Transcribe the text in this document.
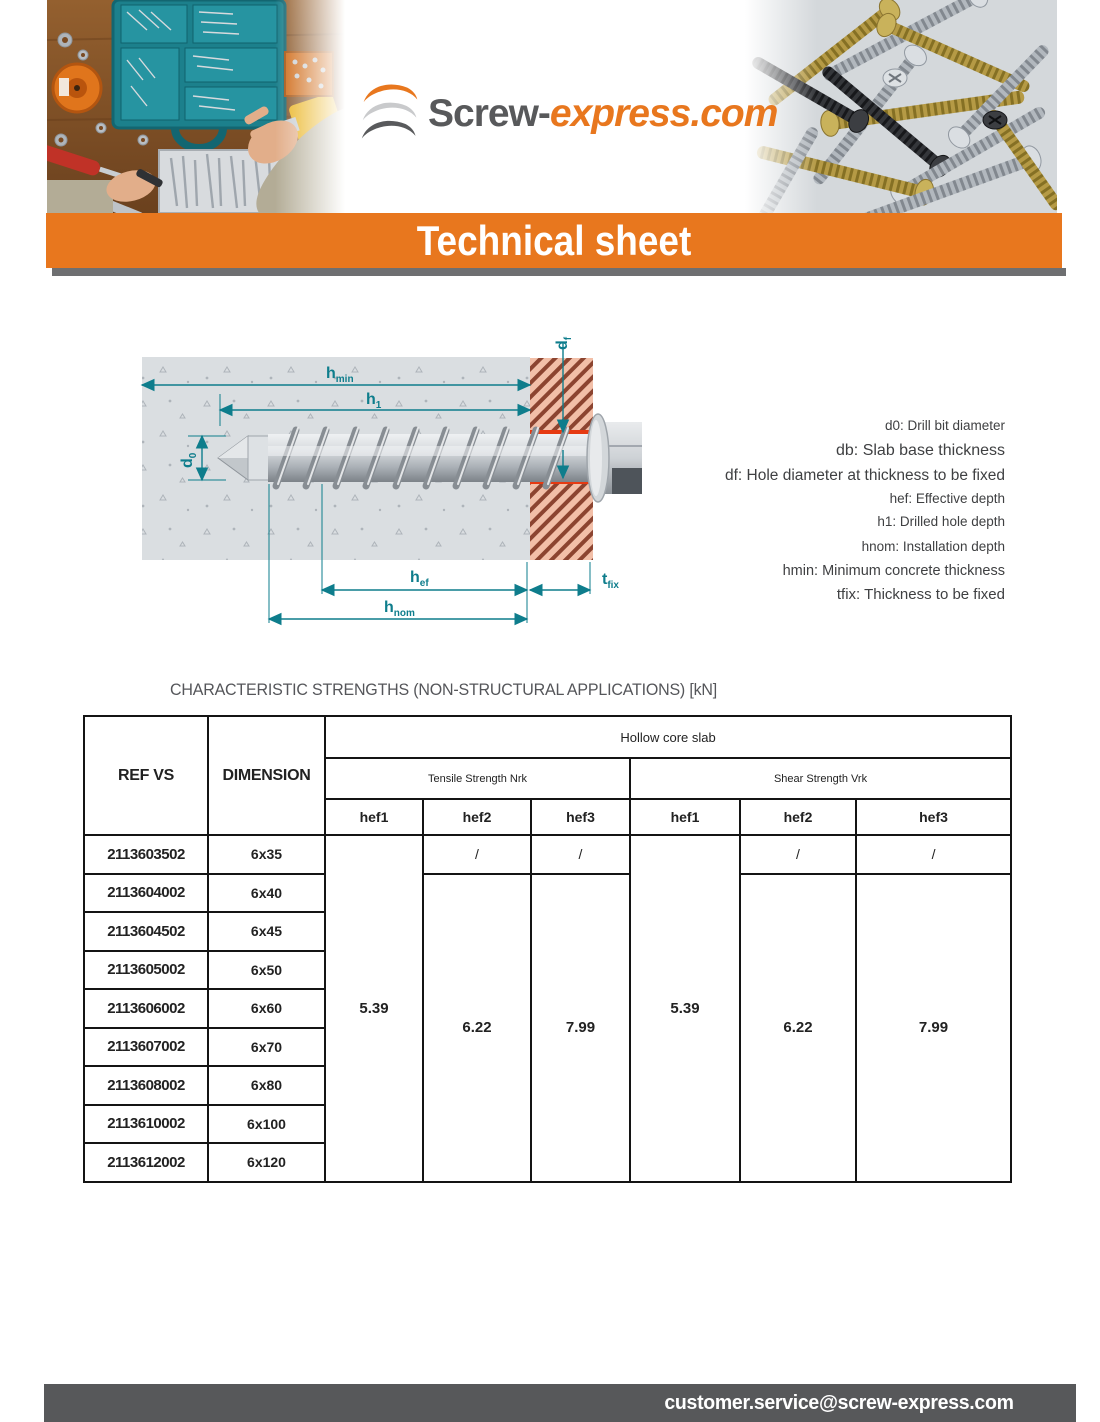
Screw- express.com
Technical sheet
$h_{min}$
$h_1$
$d_0$
$d_f$
$h_{ef}$
$h_{nom}$
$t_{fix}$
d0: Drill bit diameter
db: Slab base thickness
df: Hole diameter at thickness to be fixed
hef: Effective depth
h1: Drilled hole depth
hnom: Installation depth
hmin: Minimum concrete thickness
tfix: Thickness to be fixed
CHARACTERISTIC STRENGTHS (NON-STRUCTURAL APPLICATIONS) [kN]
REF VS	DIMENSION	Hollow core slab					
		Tensile Strength Nrk			Shear Strength Vrk		
		hef1	hef2	hef3	hef1	hef2	hef3
2113603502	6x35	5.39	/	/	5.39	/	/
2113604002	6x40		6.22	7.99		6.22	7.99
2113604502	6x45						
2113605002	6x50						
2113606002	6x60						
2113607002	6x70						
2113608002	6x80						
2113610002	6x100						
2113612002	6x120						
customer.service@screw-express.com
